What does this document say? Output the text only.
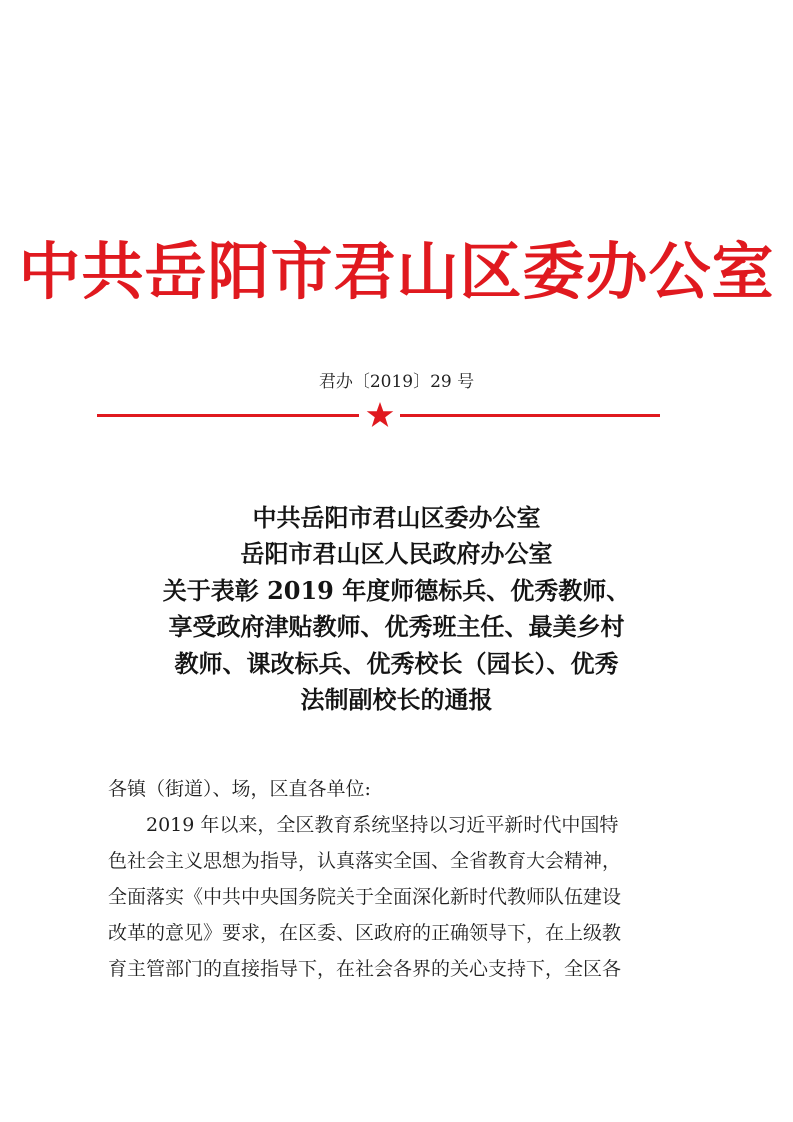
中共岳阳市君山区委办公室
君办〔2019〕29 号
中共岳阳市君山区委办公室
岳阳市君山区人民政府办公室
关于表彰 2019 年度师德标兵、优秀教师、
享受政府津贴教师、优秀班主任、最美乡村
教师、课改标兵、优秀校长（园长）、优秀
法制副校长的通报
各镇（街道）、场，区直各单位:
2019 年以来，全区教育系统坚持以习近平新时代中国特
色社会主义思想为指导，认真落实全国、全省教育大会精神，
全面落实《中共中央国务院关于全面深化新时代教师队伍建设
改革的意见》要求，在区委、区政府的正确领导下，在上级教
育主管部门的直接指导下，在社会各界的关心支持下，全区各
